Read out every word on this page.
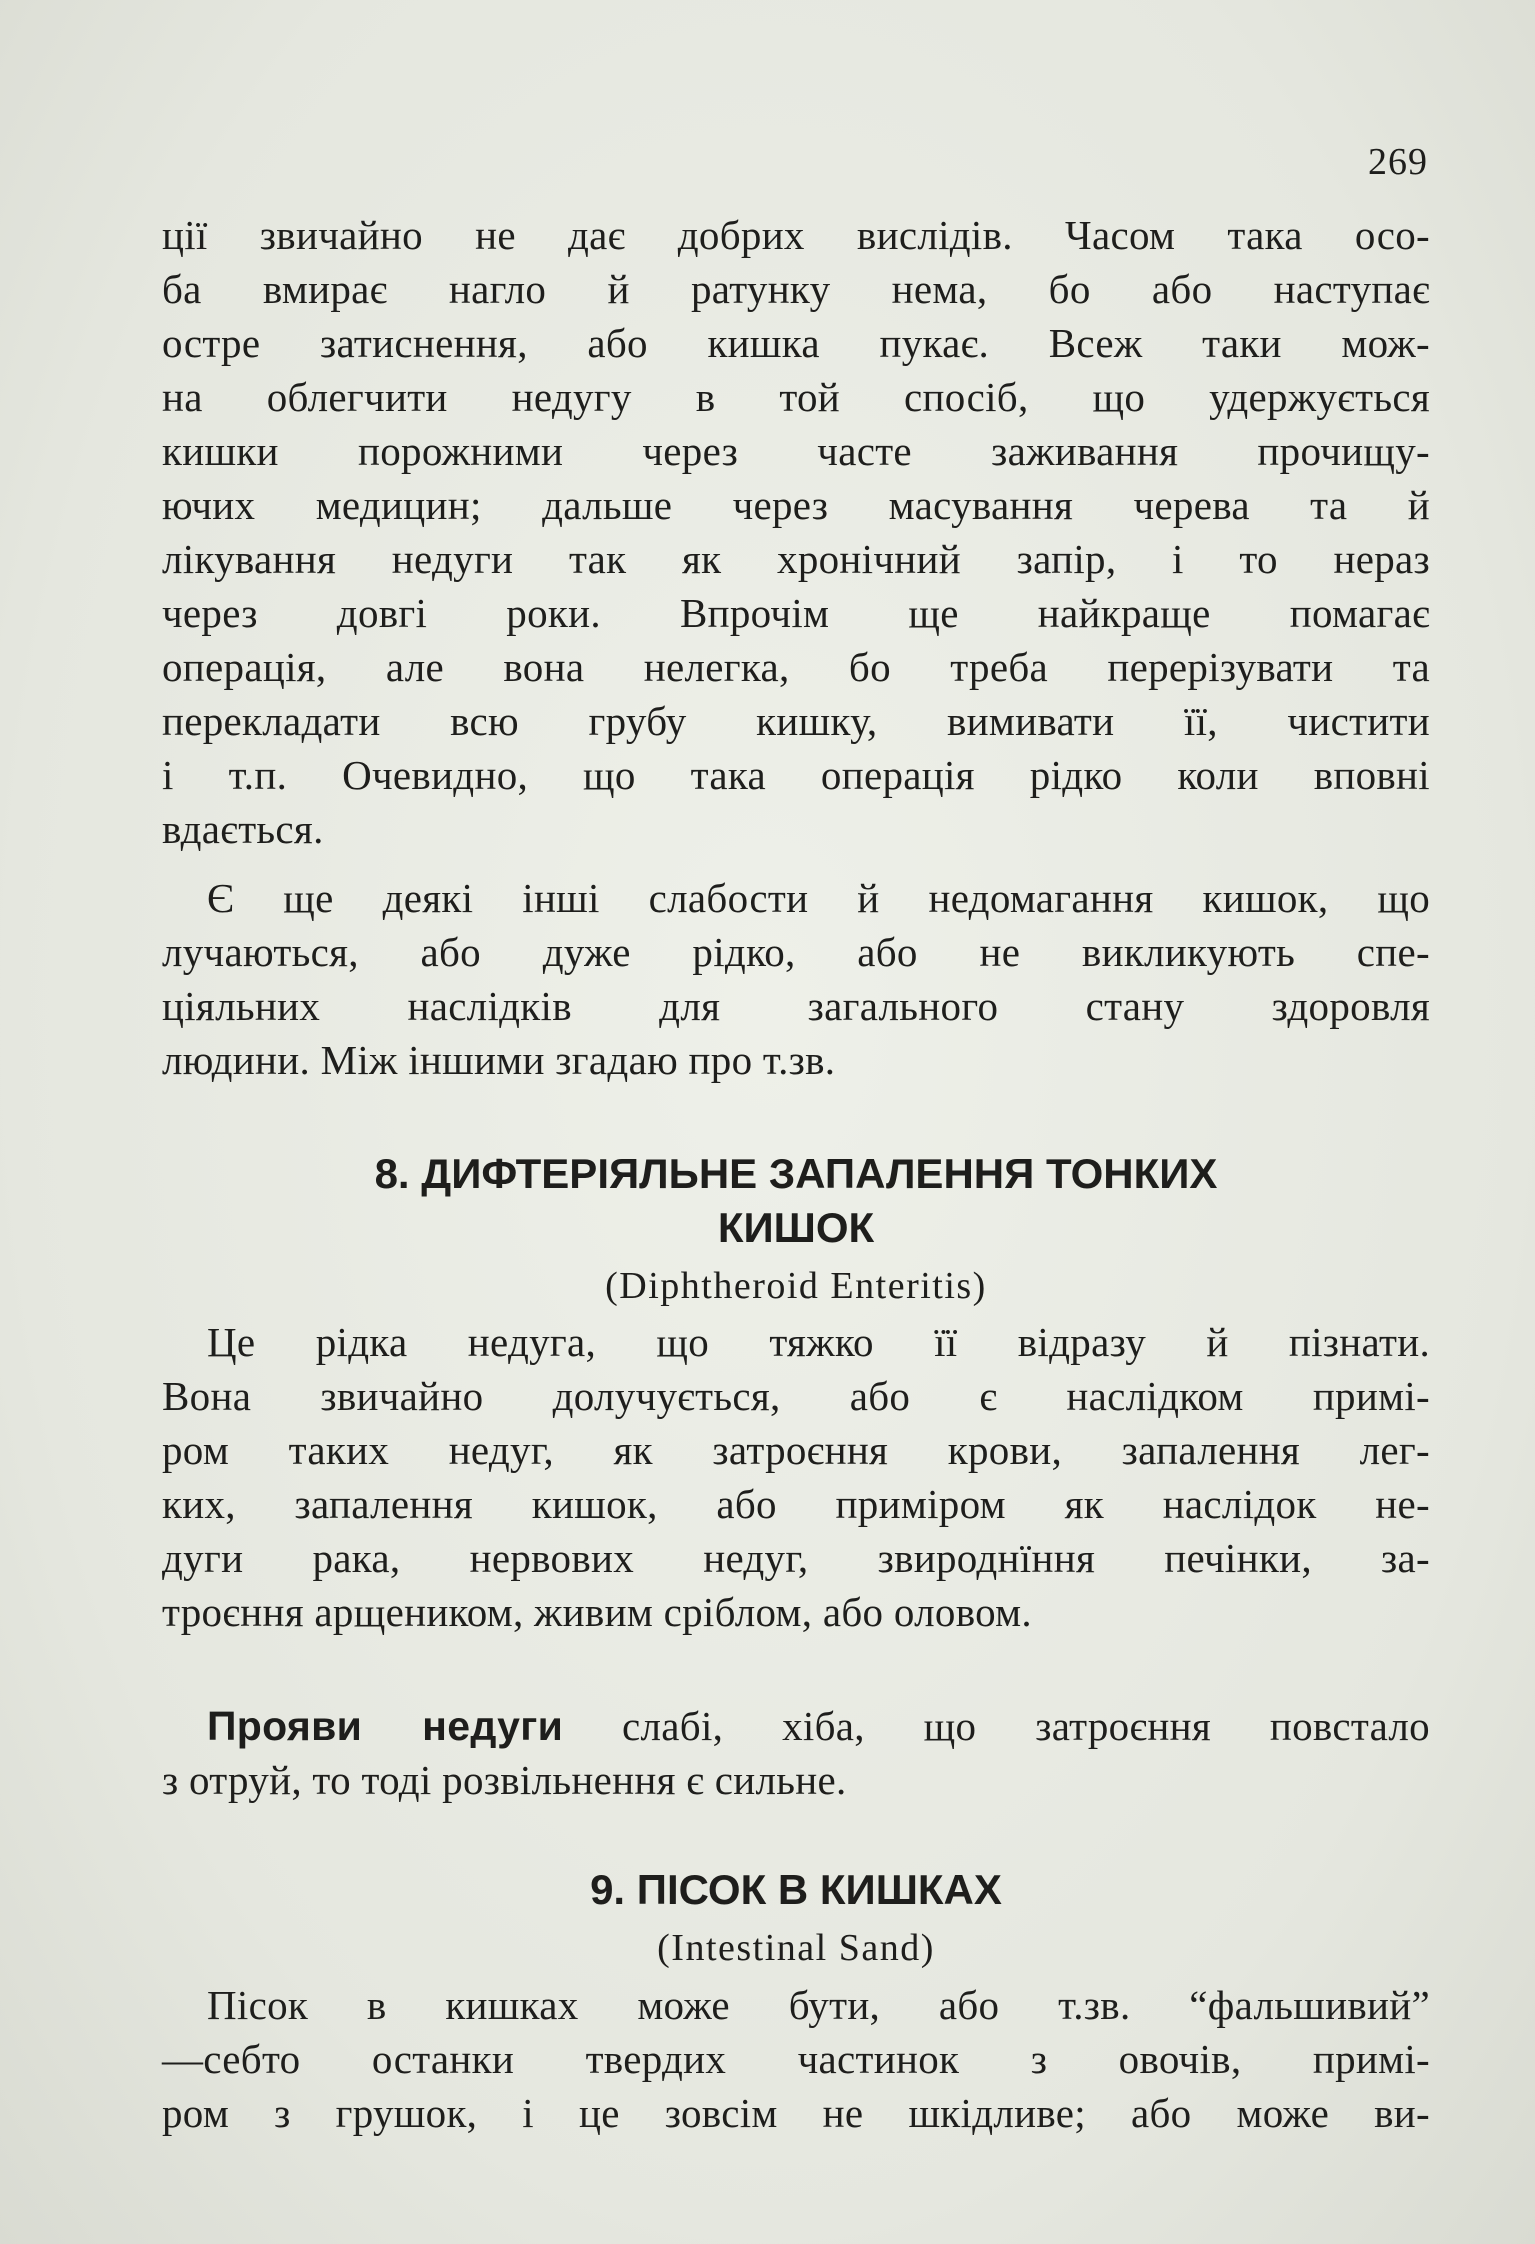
269
ції звичайно не дає добрих вислідів. Часом така осо-
ба вмирає нагло й ратунку нема, бо або наступає
остре затиснення, або кишка пукає. Всеж таки мож-
на облегчити недугу в той спосіб, що удержується
кишки порожними через часте заживання прочищу-
ючих медицин; дальше через масування черева та й
лікування недуги так як хронічний запір, і то нераз
через довгі роки. Впрочім ще найкраще помагає
операція, але вона нелегка, бо треба перерізувати та
перекладати всю грубу кишку, вимивати її, чистити
і т.п. Очевидно, що така операція рідко коли вповні
вдається.
Є ще деякі інші слабости й недомагання кишок, що
лучаються, або дуже рідко, або не викликують спе-
ціяльних наслідків для загального стану здоровля
людини. Між іншими згадаю про т.зв.
8. ДИФТЕРІЯЛЬНЕ ЗАПАЛЕННЯ ТОНКИХ
КИШОК
(Diphtheroid Enteritis)
Це рідка недуга, що тяжко її відразу й пізнати.
Вона звичайно долучується, або є наслідком примі-
ром таких недуг, як затроєння крови, запалення лег-
ких, запалення кишок, або приміром як наслідок не-
дуги рака, нервових недуг, звироднїння печінки, за-
троєння арщеником, живим сріблом, або оловом.
Прояви недуги слабі, хіба, що затроєння повстало
з отруй, то тоді розвільнення є сильне.
9. ПІСОК В КИШКАХ
(Intestinal Sand)
Пісок в кишках може бути, або т.зв. “фальшивий”
—себто останки твердих частинок з овочів, примі-
ром з грушок, і це зовсім не шкідливе; або може ви-
